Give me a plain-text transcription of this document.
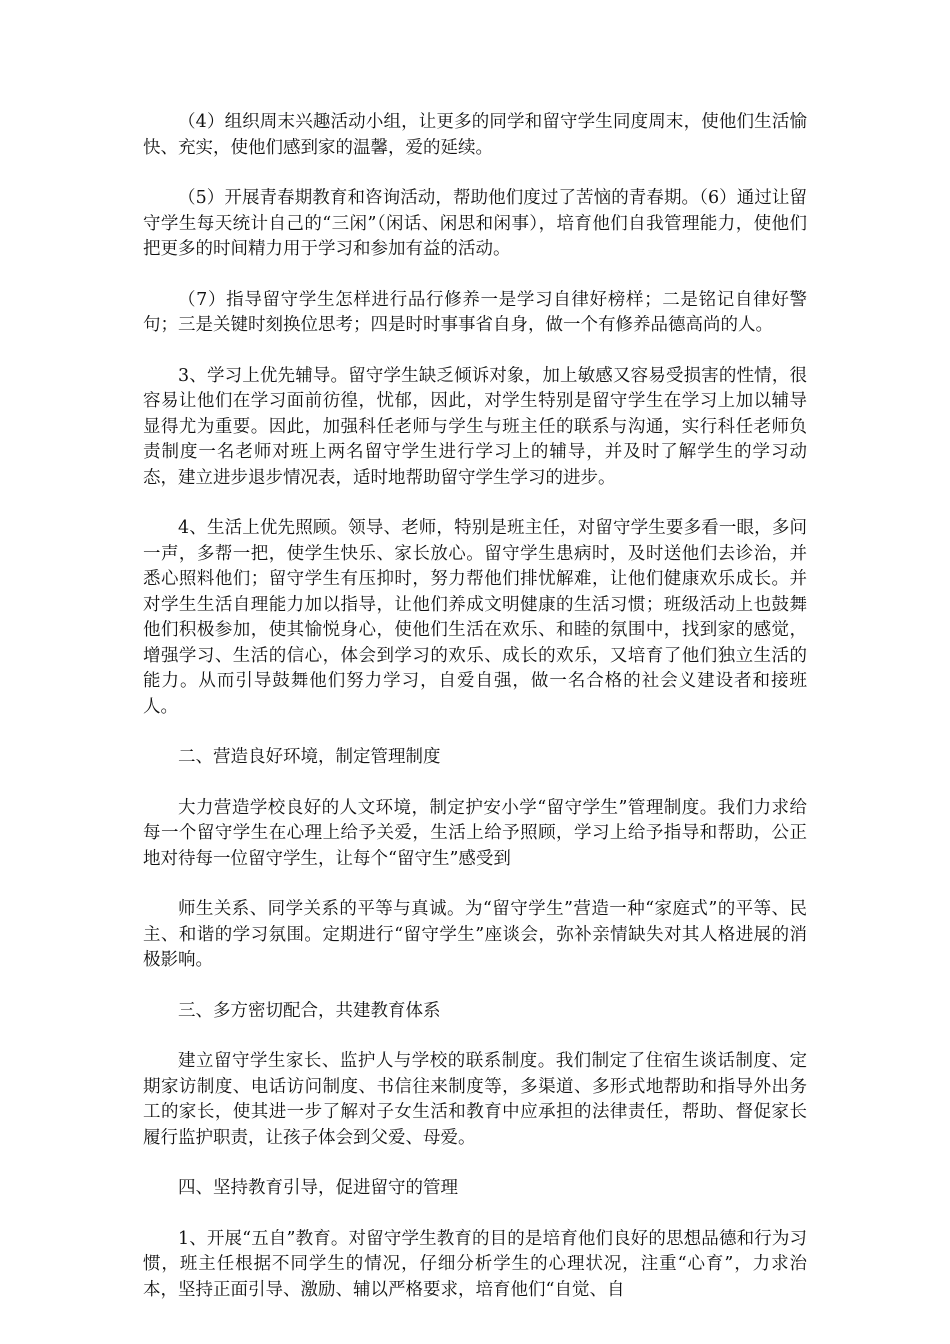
（4）组织周末兴趣活动小组，让更多的同学和留守学生同度周末，使他们生活愉快、充实，使他们感到家的温馨，爱的延续。

（5）开展青春期教育和咨询活动，帮助他们度过了苦恼的青春期。（6）通过让留守学生每天统计自己的“三闲”（闲话、闲思和闲事），培育他们自我管理能力，使他们把更多的时间精力用于学习和参加有益的活动。

（7）指导留守学生怎样进行品行修养一是学习自律好榜样；二是铭记自律好警句；三是关键时刻换位思考；四是时时事事省自身，做一个有修养品德高尚的人。

3、学习上优先辅导。留守学生缺乏倾诉对象，加上敏感又容易受损害的性情，很容易让他们在学习面前彷徨，忧郁，因此，对学生特别是留守学生在学习上加以辅导显得尤为重要。因此，加强科任老师与学生与班主任的联系与沟通，实行科任老师负责制度一名老师对班上两名留守学生进行学习上的辅导，并及时了解学生的学习动态，建立进步退步情况表，适时地帮助留守学生学习的进步。

4、生活上优先照顾。领导、老师，特别是班主任，对留守学生要多看一眼，多问一声，多帮一把，使学生快乐、家长放心。留守学生患病时，及时送他们去诊治，并悉心照料他们；留守学生有压抑时，努力帮他们排忧解难，让他们健康欢乐成长。并对学生生活自理能力加以指导，让他们养成文明健康的生活习惯；班级活动上也鼓舞他们积极参加，使其愉悦身心，使他们生活在欢乐、和睦的氛围中，找到家的感觉，增强学习、生活的信心，体会到学习的欢乐、成长的欢乐，又培育了他们独立生活的能力。从而引导鼓舞他们努力学习，自爱自强，做一名合格的社会义建设者和接班人。

二、营造良好环境，制定管理制度

大力营造学校良好的人文环境，制定护安小学“留守学生”管理制度。我们力求给每一个留守学生在心理上给予关爱，生活上给予照顾，学习上给予指导和帮助，公正地对待每一位留守学生，让每个“留守生”感受到

师生关系、同学关系的平等与真诚。为“留守学生”营造一种“家庭式”的平等、民主、和谐的学习氛围。定期进行“留守学生”座谈会，弥补亲情缺失对其人格进展的消极影响。

三、多方密切配合，共建教育体系

建立留守学生家长、监护人与学校的联系制度。我们制定了住宿生谈话制度、定期家访制度、电话访问制度、书信往来制度等，多渠道、多形式地帮助和指导外出务工的家长，使其进一步了解对子女生活和教育中应承担的法律责任，帮助、督促家长履行监护职责，让孩子体会到父爱、母爱。

四、坚持教育引导，促进留守的管理

1、开展“五自”教育。对留守学生教育的目的是培育他们良好的思想品德和行为习惯，班主任根据不同学生的情况，仔细分析学生的心理状况，注重“心育”，力求治本，坚持正面引导、激励、辅以严格要求，培育他们“自觉、自
